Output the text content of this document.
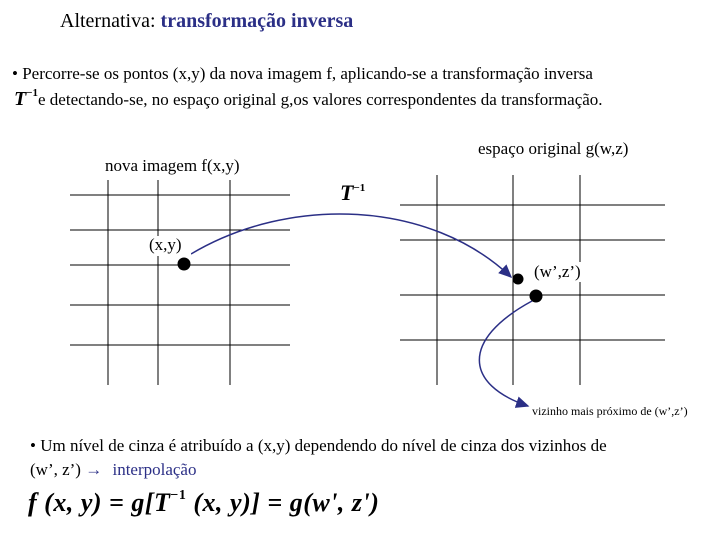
Alternativa: transformação inversa
• Percorre-se os pontos (x,y) da nova imagem f, aplicando-se a transformação inversa
$T^{-1}e$ detectando-se, no espaço original g,os valores correspondentes da transformação.
nova imagem f(x,y)
espaço original g(w,z)
$T^{-1}$
(x,y)
(w’,z’)
vizinho mais próximo de (w’,z’)
• Um nível de cinza é atribuído a (x,y) dependendo do nível de cinza dos vizinhos de
(w’, z’) → interpolação
f (x, $y) = g[T^{-1}$ (x, y)] = g(w', z')
